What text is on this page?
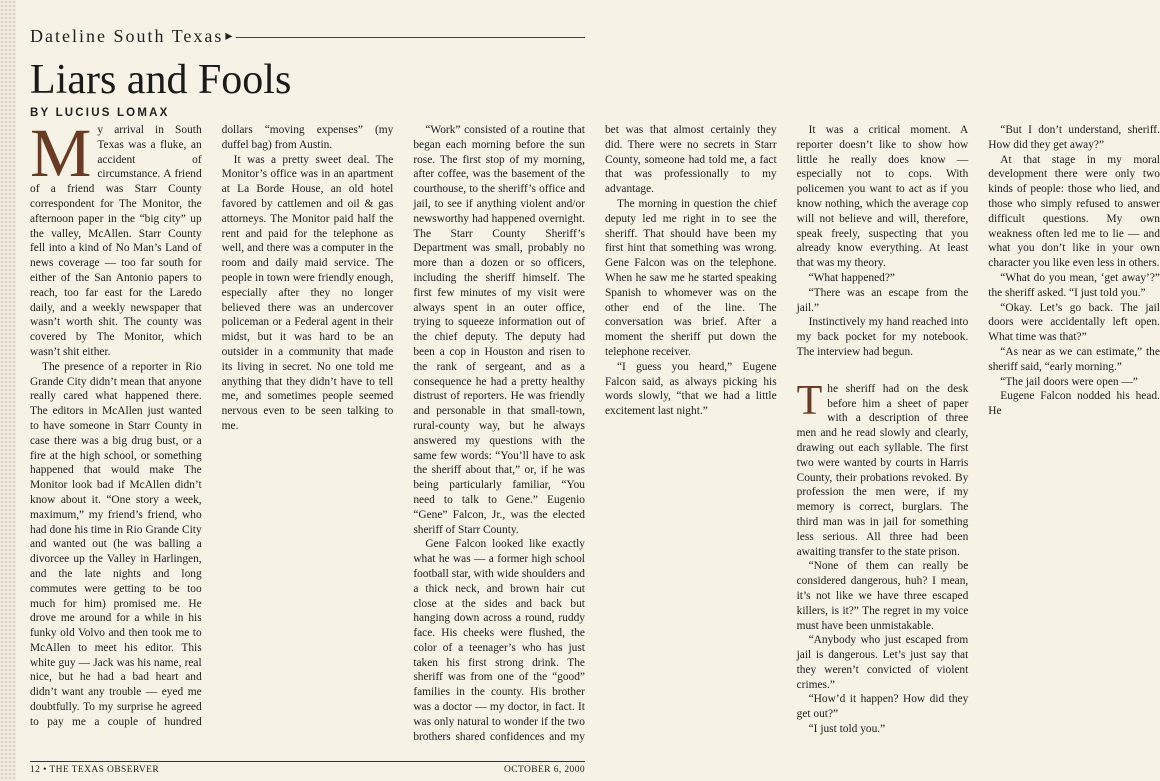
Dateline South Texas ▸
Liars and Fools
BY LUCIUS LOMAX

My arrival in South Texas was a fluke, an accident of circumstance. A friend of a friend was Starr County correspondent for The Monitor, the afternoon paper in the “big city” up the valley, McAllen. Starr County fell into a kind of No Man’s Land of news coverage — too far south for either of the San Antonio papers to reach, too far east for the Laredo daily, and a weekly newspaper that wasn’t worth shit. The county was covered by The Monitor, which wasn’t shit either.

The presence of a reporter in Rio Grande City didn’t mean that anyone really cared what happened there. The editors in McAllen just wanted to have someone in Starr County in case there was a big drug bust, or a fire at the high school, or something happened that would make The Monitor look bad if McAllen didn’t know about it. “One story a week, maximum,” my friend’s friend, who had done his time in Rio Grande City and wanted out (he was balling a divorcee up the Valley in Harlingen, and the late nights and long commutes were getting to be too much for him) promised me. He drove me around for a while in his funky old Volvo and then took me to McAllen to meet his editor. This white guy — Jack was his name, real nice, but he had a bad heart and didn’t want any trouble — eyed me doubtfully. To my surprise he agreed to pay me a couple of hundred dollars “moving expenses” (my duffel bag) from Austin.

It was a pretty sweet deal. The Monitor’s office was in an apartment at La Borde House, an old hotel favored by cattlemen and oil & gas attorneys. The Monitor paid half the rent and paid for the telephone as well, and there was a computer in the room and daily maid service. The people in town were friendly enough, especially after they no longer believed there was an undercover policeman or a Federal agent in their midst, but it was hard to be an outsider in a community that made its living in secret. No one told me anything that they didn’t have to tell me, and sometimes people seemed nervous even to be seen talking to me.

“Work” consisted of a routine that began each morning before the sun rose. The first stop of my morning, after coffee, was the basement of the courthouse, to the sheriff’s office and jail, to see if anything violent and/or newsworthy had happened overnight. The Starr County Sheriff’s Department was small, probably no more than a dozen or so officers, including the sheriff himself. The first few minutes of my visit were always spent in an outer office, trying to squeeze information out of the chief deputy. The deputy had been a cop in Houston and risen to the rank of sergeant, and as a consequence he had a pretty healthy distrust of reporters. He was friendly and personable in that small-town, rural-county way, but he always answered my questions with the same few words: “You’ll have to ask the sheriff about that,” or, if he was being particularly familiar, “You need to talk to Gene.” Eugenio “Gene” Falcon, Jr., was the elected sheriff of Starr County.

Gene Falcon looked like exactly what he was — a former high school football star, with wide shoulders and a thick neck, and brown hair cut close at the sides and back but hanging down across a round, ruddy face. His cheeks were flushed, the color of a teenager’s who has just taken his first strong drink. The sheriff was from one of the “good” families in the county. His brother was a doctor — my doctor, in fact. It was only natural to wonder if the two brothers shared confidences and my bet was that almost certainly they did. There were no secrets in Starr County, someone had told me, a fact that was professionally to my advantage.

The morning in question the chief deputy led me right in to see the sheriff. That should have been my first hint that something was wrong. Gene Falcon was on the telephone. When he saw me he started speaking Spanish to whomever was on the other end of the line. The conversation was brief. After a moment the sheriff put down the telephone receiver.

“I guess you heard,” Eugene Falcon said, as always picking his words slowly, “that we had a little excitement last night.”

It was a critical moment. A reporter doesn’t like to show how little he really does know — especially not to cops. With policemen you want to act as if you know nothing, which the average cop will not believe and will, therefore, speak freely, suspecting that you already know everything. At least that was my theory.

“What happened?”

“There was an escape from the jail.”

Instinctively my hand reached into my back pocket for my notebook. The interview had begun.

The sheriff had on the desk before him a sheet of paper with a description of three men and he read slowly and clearly, drawing out each syllable. The first two were wanted by courts in Harris County, their probations revoked. By profession the men were, if my memory is correct, burglars. The third man was in jail for something less serious. All three had been awaiting transfer to the state prison.

“None of them can really be considered dangerous, huh? I mean, it’s not like we have three escaped killers, is it?” The regret in my voice must have been unmistakable.

“Anybody who just escaped from jail is dangerous. Let’s just say that they weren’t convicted of violent crimes.”

“How’d it happen? How did they get out?”

“I just told you.”

“But I don’t understand, sheriff. How did they get away?”

At that stage in my moral development there were only two kinds of people: those who lied, and those who simply refused to answer difficult questions. My own weakness often led me to lie — and what you don’t like in your own character you like even less in others.

“What do you mean, ‘get away’?” the sheriff asked. “I just told you.”

“Okay. Let’s go back. The jail doors were accidentally left open. What time was that?”

“As near as we can estimate,” the sheriff said, “early morning.”

“The jail doors were open —”

Eugene Falcon nodded his head. He

12 • THE TEXAS OBSERVER	OCTOBER 6, 2000
